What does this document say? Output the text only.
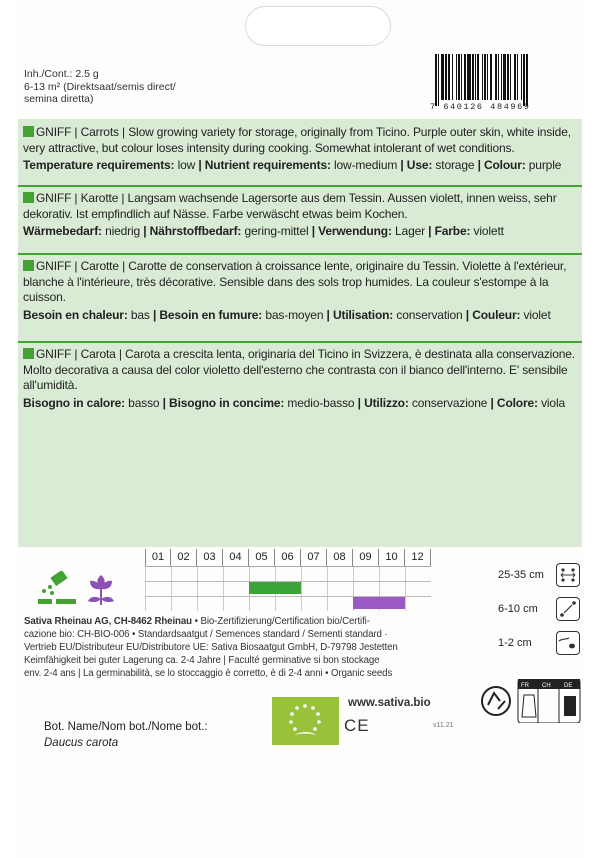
Inh./Cont.: 2.5 g
6-13 m² (Direktsaat/semis direct/
semina diretta)
7 640126 484969
GNIFF | Carrots | Slow growing variety for storage, originally from Ticino. Purple outer skin, white inside, very attractive, but colour loses intensity during cooking. Somewhat intolerant of wet conditions.
Temperature requirements: low | Nutrient requirements: low-medium | Use: storage | Colour: purple
GNIFF | Karotte | Langsam wachsende Lagersorte aus dem Tessin. Aussen violett, innen weiss, sehr dekorativ. Ist empfindlich auf Nässe. Farbe verwäscht etwas beim Kochen.
Wärmebedarf: niedrig | Nährstoffbedarf: gering-mittel | Verwendung: Lager | Farbe: violett
GNIFF | Carotte | Carotte de conservation à croissance lente, originaire du Tessin. Violette à l'extérieur, blanche à l'intérieure, très décorative. Sensible dans des sols trop humides. La couleur s'estompe à la cuisson.
Besoin en chaleur: bas | Besoin en fumure: bas-moyen | Utilisation: conservation | Couleur: violet
GNIFF | Carota | Carota a crescita lenta, originaria del Ticino in Svizzera, è destinata alla conservazione. Molto decorativa a causa del color violetto dell'esterno che contrasta con il bianco dell'interno. E' sensibile all'umidità.
Bisogno in calore: basso | Bisogno in concime: medio-basso | Utilizzo: conservazione | Colore: viola
01	02	03	04	05	06	07	08	09	10	12
25-35 cm
6-10 cm
1-2 cm
Sativa Rheinau AG, CH-8462 Rheinau • Bio-Zertifizierung/Certification bio/Certifi-
cazione bio: CH-BIO-006 • Standardsaatgut / Semences standard / Sementi standard ·
Vertrieb EU/Distributeur EU/Distributore UE: Sativa Biosaatgut GmbH, D-79798 Jestetten
Keimfähigkeit bei guter Lagerung ca. 2-4 Jahre | Faculté germinative si bon stockage
env. 2-4 ans | La germinabilità, se lo stoccaggio è corretto, è di 2-4 anni • Organic seeds
www.sativa.bio
CE	v11.21
FR CH DE
Bot. Name/Nom bot./Nome bot.:
Daucus carota
